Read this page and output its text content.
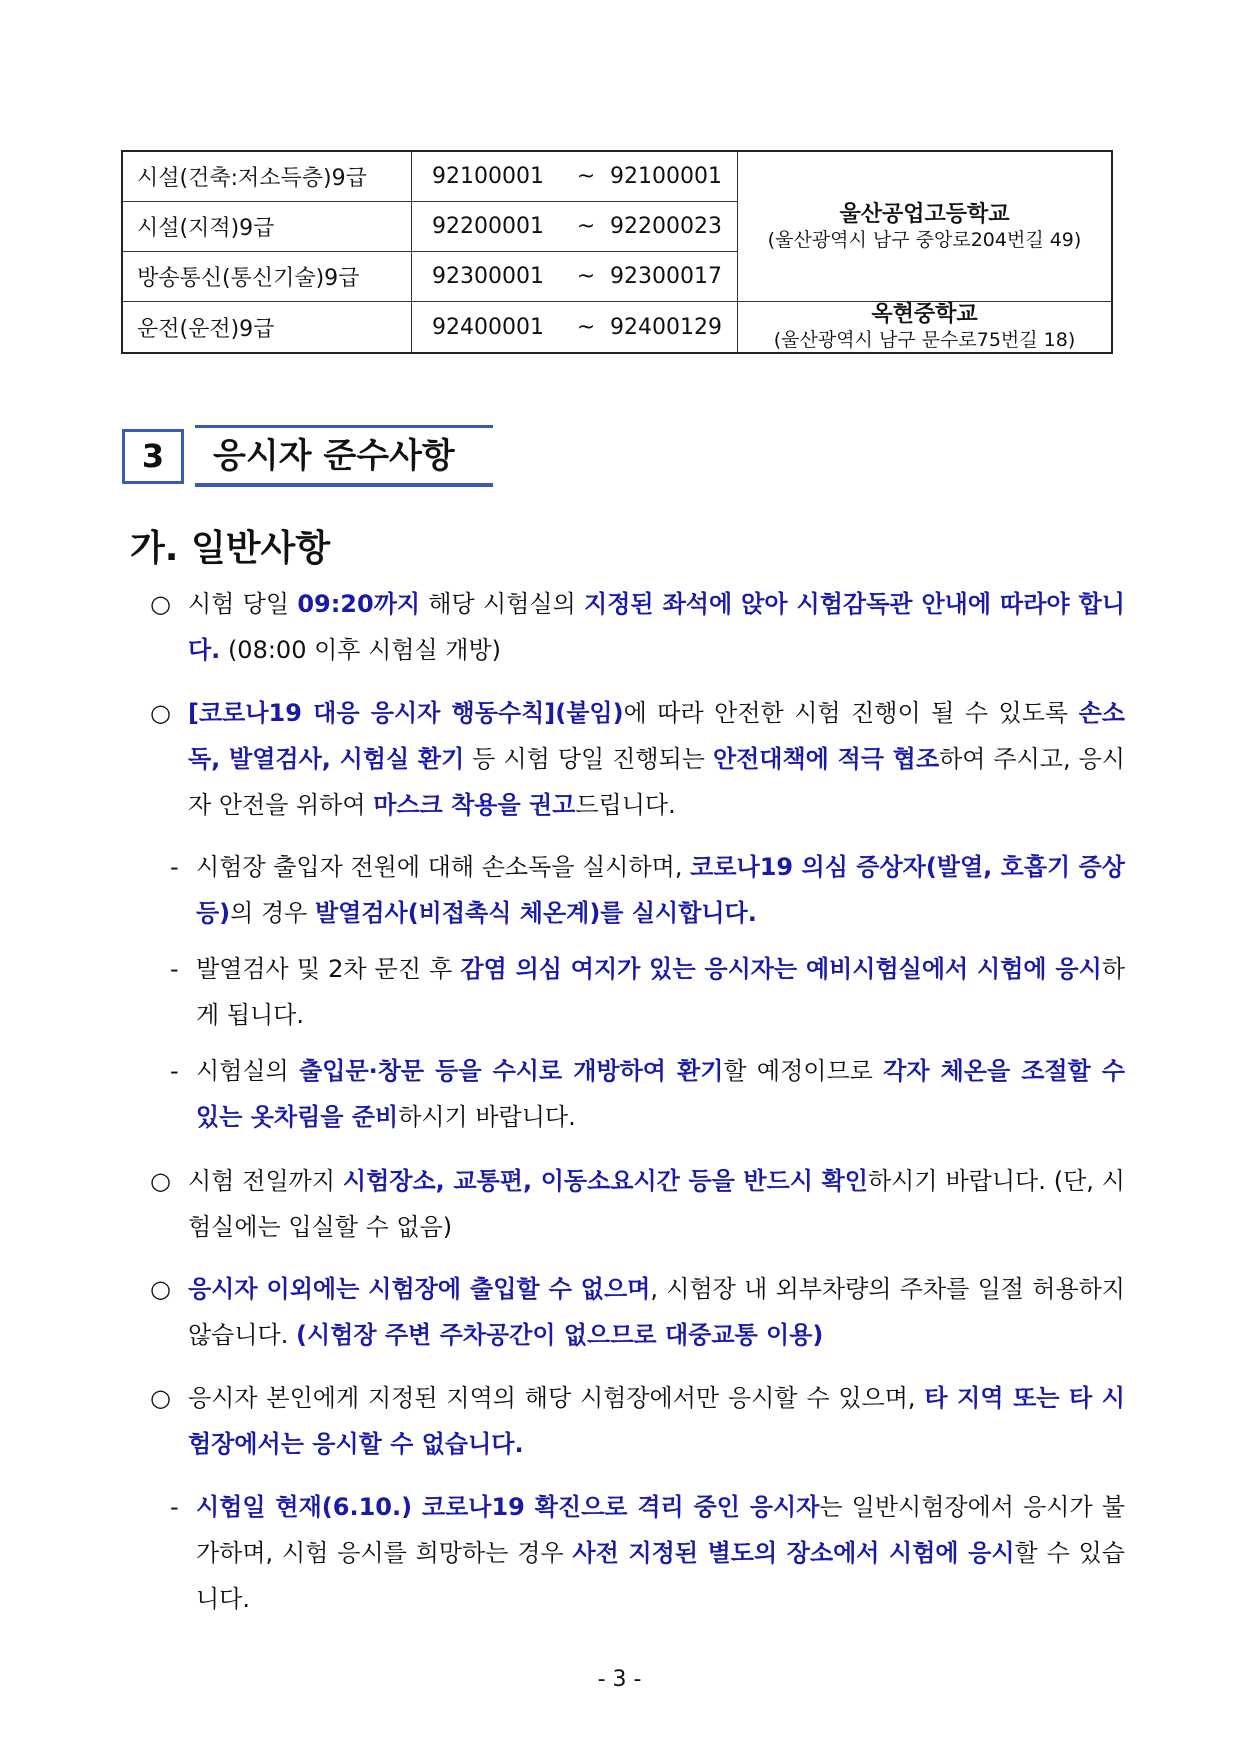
시설(건축:저소득층)9급	92100001 ~ 92100001	울산공업고등학교
(울산광역시 남구 중앙로204번길 49)

시설(지적)9급	92200001 ~ 92200023	
방송통신(통신기술)9급	92300001 ~ 92300017	
운전(운전)9급	92400001 ~ 92400129	옥현중학교
(울산광역시 남구 문수로75번길 18)
3	응시자 준수사항
가. 일반사항
○ 시험 당일 09:20까지 해당 시험실의 지정된 좌석에 앉아 시험감독관 안내에 따라야 합니다. (08:00 이후 시험실 개방)
○ [코로나19 대응 응시자 행동수칙](붙임)에 따라 안전한 시험 진행이 될 수 있도록 손소독, 발열검사, 시험실 환기 등 시험 당일 진행되는 안전대책에 적극 협조하여 주시고, 응시자 안전을 위하여 마스크 착용을 권고드립니다.
- 시험장 출입자 전원에 대해 손소독을 실시하며, 코로나19 의심 증상자(발열, 호흡기 증상 등)의 경우 발열검사(비접촉식 체온계)를 실시합니다.
- 발열검사 및 2차 문진 후 감염 의심 여지가 있는 응시자는 예비시험실에서 시험에 응시하게 됩니다.
- 시험실의 출입문·창문 등을 수시로 개방하여 환기할 예정이므로 각자 체온을 조절할 수 있는 옷차림을 준비하시기 바랍니다.
○ 시험 전일까지 시험장소, 교통편, 이동소요시간 등을 반드시 확인하시기 바랍니다. (단, 시험실에는 입실할 수 없음)
○ 응시자 이외에는 시험장에 출입할 수 없으며, 시험장 내 외부차량의 주차를 일절 허용하지 않습니다. (시험장 주변 주차공간이 없으므로 대중교통 이용)
○ 응시자 본인에게 지정된 지역의 해당 시험장에서만 응시할 수 있으며, 타 지역 또는 타 시험장에서는 응시할 수 없습니다.
- 시험일 현재(6.10.) 코로나19 확진으로 격리 중인 응시자는 일반시험장에서 응시가 불가하며, 시험 응시를 희망하는 경우 사전 지정된 별도의 장소에서 시험에 응시할 수 있습니다.
- 3 -
